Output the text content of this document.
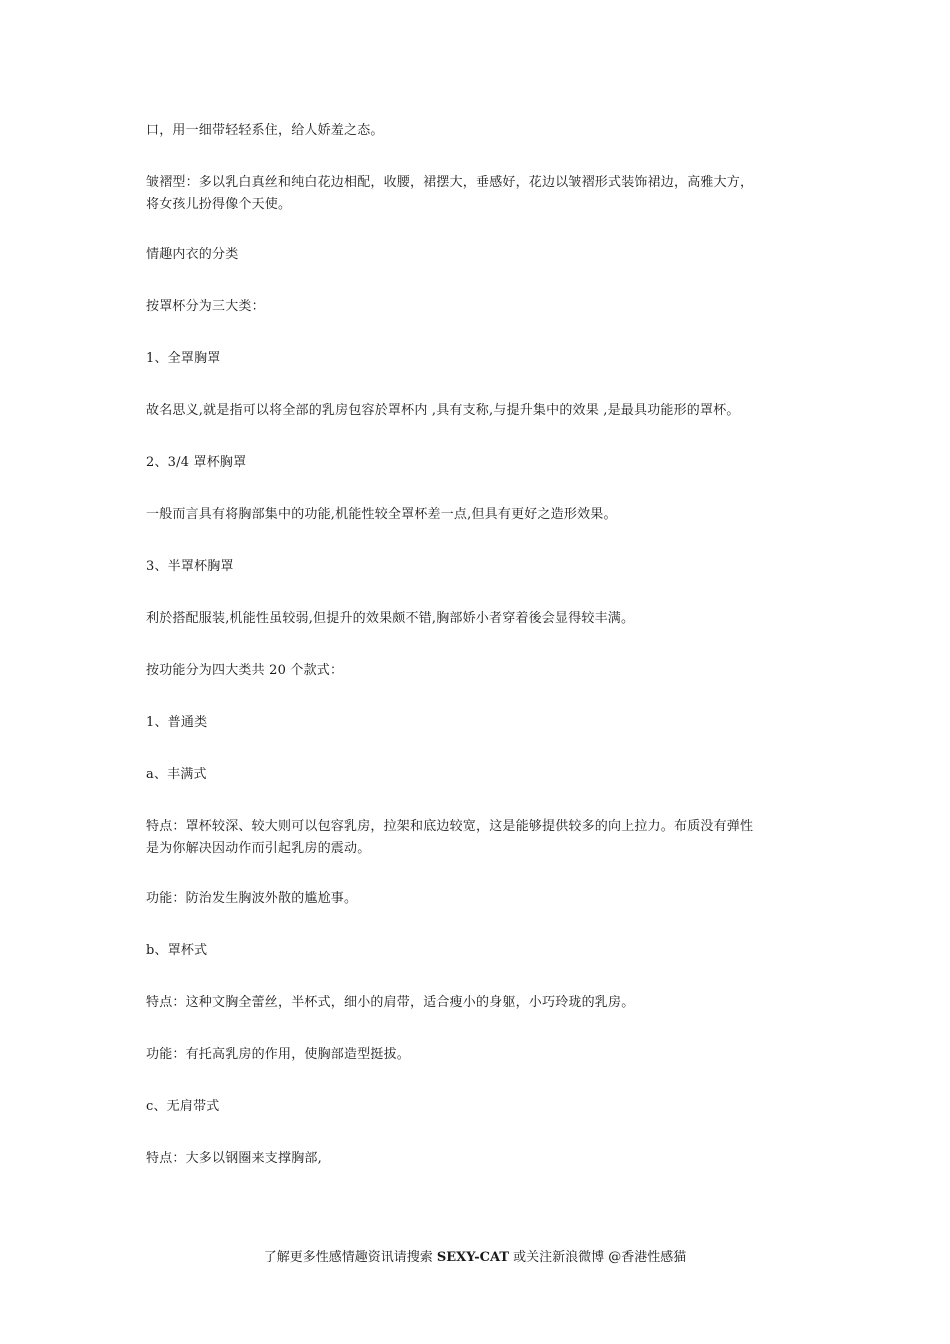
口，用一细带轻轻系住，给人娇羞之态。

皱褶型：多以乳白真丝和纯白花边相配，收腰，裙摆大，垂感好，花边以皱褶形式装饰裙边，高雅大方，
将女孩儿扮得像个天使。

情趣内衣的分类

按罩杯分为三大类：

1、全罩胸罩

故名思义,就是指可以将全部的乳房包容於罩杯内 ,具有支称,与提升集中的效果 ,是最具功能形的罩杯。

2、3/4 罩杯胸罩

一般而言具有将胸部集中的功能,机能性较全罩杯差一点,但具有更好之造形效果。

3、半罩杯胸罩

利於搭配服装,机能性虽较弱,但提升的效果颇不错,胸部娇小者穿着後会显得较丰满。

按功能分为四大类共 20 个款式：

1、普通类

a、丰满式

特点：罩杯较深、较大则可以包容乳房，拉架和底边较宽，这是能够提供较多的向上拉力。布质没有弹性
是为你解决因动作而引起乳房的震动。

功能：防治发生胸波外散的尴尬事。

b、罩杯式

特点：这种文胸全蕾丝，半杯式，细小的肩带，适合瘦小的身躯，小巧玲珑的乳房。

功能：有托高乳房的作用，使胸部造型挺拔。

c、无肩带式

特点：大多以钢圈来支撑胸部,

了解更多性感情趣资讯请搜索 SEXY-CAT 或关注新浪微博 @香港性感猫
